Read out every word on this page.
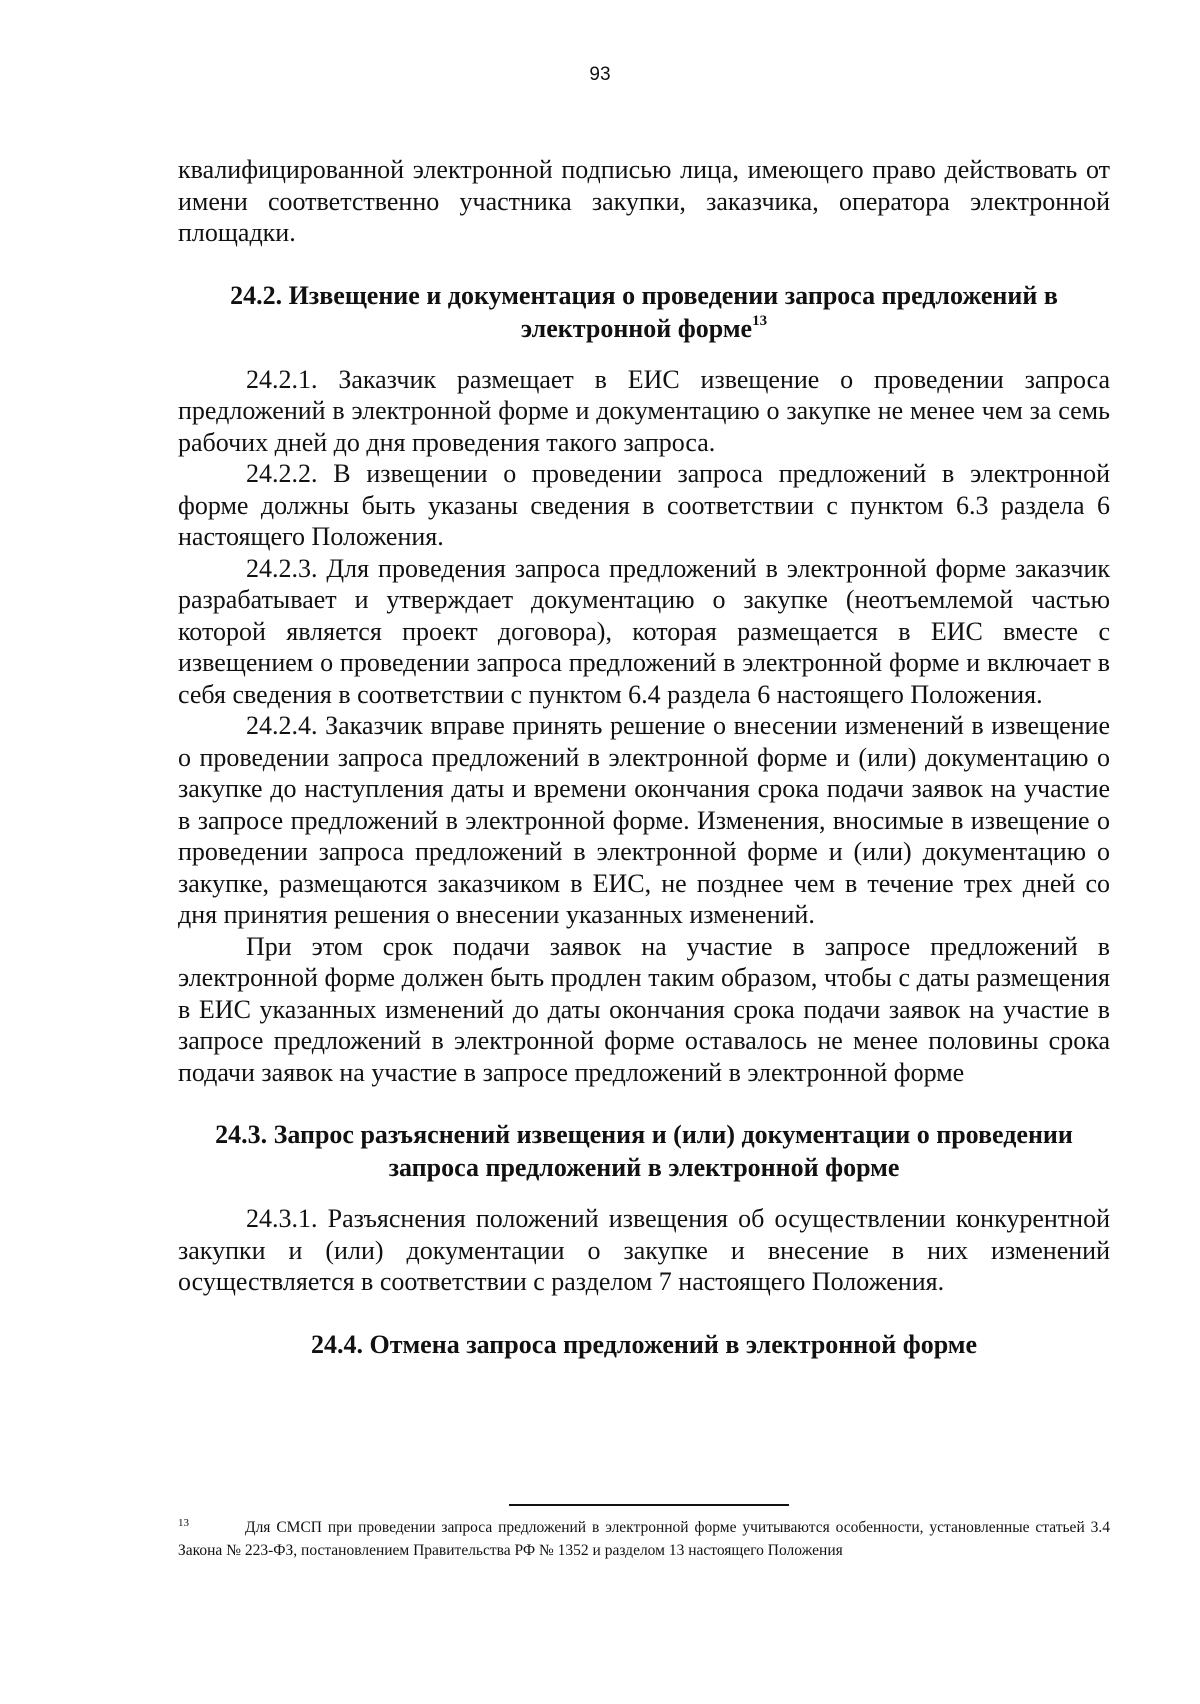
93

квалифицированной электронной подписью лица, имеющего право действовать от имени соответственно участника закупки, заказчика, оператора электронной площадки.

24.2. Извещение и документация о проведении запроса предложений в электронной форме$^{13}$

24.2.1. Заказчик размещает в ЕИС извещение о проведении запроса предложений в электронной форме и документацию о закупке не менее чем за семь рабочих дней до дня проведения такого запроса.

24.2.2. В извещении о проведении запроса предложений в электронной форме должны быть указаны сведения в соответствии с пунктом 6.3 раздела 6 настоящего Положения.

24.2.3. Для проведения запроса предложений в электронной форме заказчик разрабатывает и утверждает документацию о закупке (неотъемлемой частью которой является проект договора), которая размещается в ЕИС вместе с извещением о проведении запроса предложений в электронной форме и включает в себя сведения в соответствии с пунктом 6.4 раздела 6 настоящего Положения.

24.2.4. Заказчик вправе принять решение о внесении изменений в извещение о проведении запроса предложений в электронной форме и (или) документацию о закупке до наступления даты и времени окончания срока подачи заявок на участие в запросе предложений в электронной форме. Изменения, вносимые в извещение о проведении запроса предложений в электронной форме и (или) документацию о закупке, размещаются заказчиком в ЕИС, не позднее чем в течение трех дней со дня принятия решения о внесении указанных изменений.

При этом срок подачи заявок на участие в запросе предложений в электронной форме должен быть продлен таким образом, чтобы с даты размещения в ЕИС указанных изменений до даты окончания срока подачи заявок на участие в запросе предложений в электронной форме оставалось не менее половины срока подачи заявок на участие в запросе предложений в электронной форме

24.3. Запрос разъяснений извещения и (или) документации о проведении запроса предложений в электронной форме

24.3.1. Разъяснения положений извещения об осуществлении конкурентной закупки и (или) документации о закупке и внесение в них изменений осуществляется в соответствии с разделом 7 настоящего Положения.

24.4. Отмена запроса предложений в электронной форме
$^{13}$	Для СМСП при проведении запроса предложений в электронной форме учитываются особенности, установленные статьей 3.4 Закона № 223-ФЗ, постановлением Правительства РФ № 1352 и разделом 13 настоящего Положения
